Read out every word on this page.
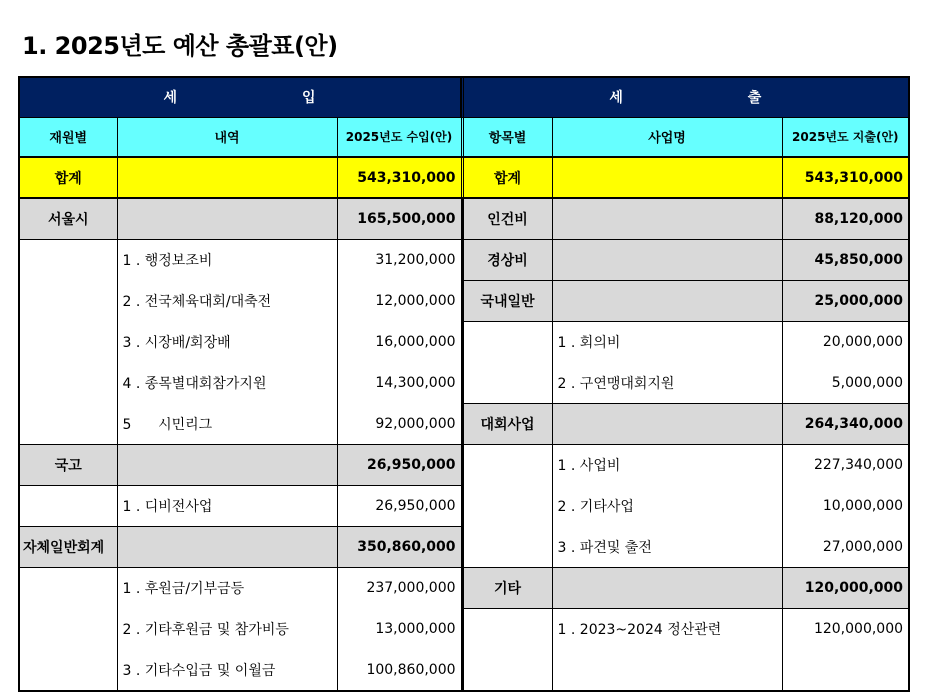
1. 2025년도 예산 총괄표(안)
세 입				세 출		
재원별	내역	2025년도 수입(안)		항목별	사업명	2025년도 지출(안)
합계		543,310,000		합계		543,310,000
서울시		165,500,000		인건비		88,120,000
	1 . 행정보조비	31,200,000		경상비		45,850,000
	2 . 전국체육대회/대축전	12,000,000		국내일반		25,000,000
	3 . 시장배/회장배	16,000,000			1 . 회의비	20,000,000
	4 . 종목별대회참가지원	14,300,000			2 . 구연맹대회지원	5,000,000
	5      시민리그	92,000,000		대회사업		264,340,000
국고		26,950,000			1 . 사업비	227,340,000
	1 . 디비전사업	26,950,000			2 . 기타사업	10,000,000
자체일반회계		350,860,000			3 . 파견및 출전	27,000,000
	1 . 후원금/기부금등	237,000,000		기타		120,000,000
	2 . 기타후원금 및 참가비등	13,000,000			1 . 2023~2024 정산관련	120,000,000
	3 . 기타수입금 및 이월금	100,860,000				
